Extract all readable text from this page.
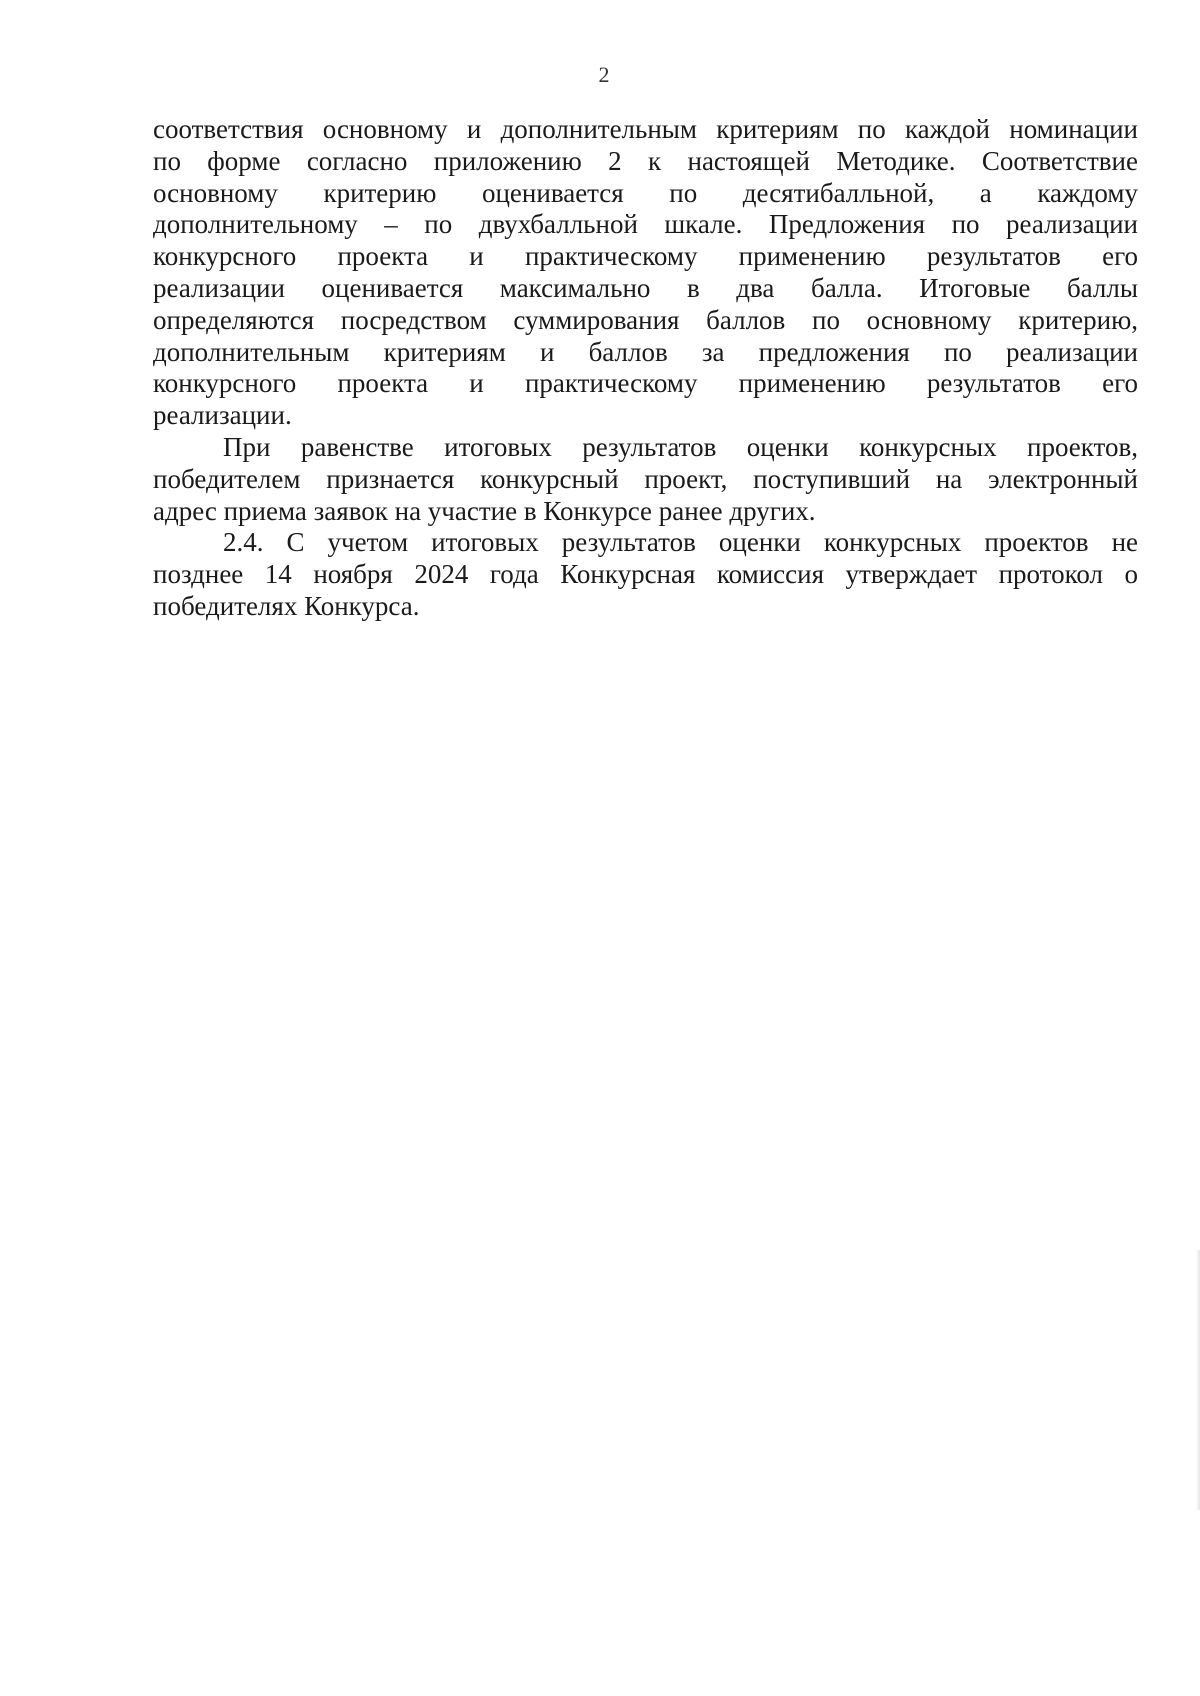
2
соответствия основному и дополнительным критериям по каждой номинации
по форме согласно приложению 2 к настоящей Методике. Соответствие
основному критерию оценивается по десятибалльной, а каждому
дополнительному – по двухбалльной шкале. Предложения по реализации
конкурсного проекта и практическому применению результатов его
реализации оценивается максимально в два балла. Итоговые баллы
определяются посредством суммирования баллов по основному критерию,
дополнительным критериям и баллов за предложения по реализации
конкурсного проекта и практическому применению результатов его
реализации.
При равенстве итоговых результатов оценки конкурсных проектов,
победителем признается конкурсный проект, поступивший на электронный
адрес приема заявок на участие в Конкурсе ранее других.
2.4. С учетом итоговых результатов оценки конкурсных проектов не
позднее 14 ноября 2024 года Конкурсная комиссия утверждает протокол о
победителях Конкурса.
